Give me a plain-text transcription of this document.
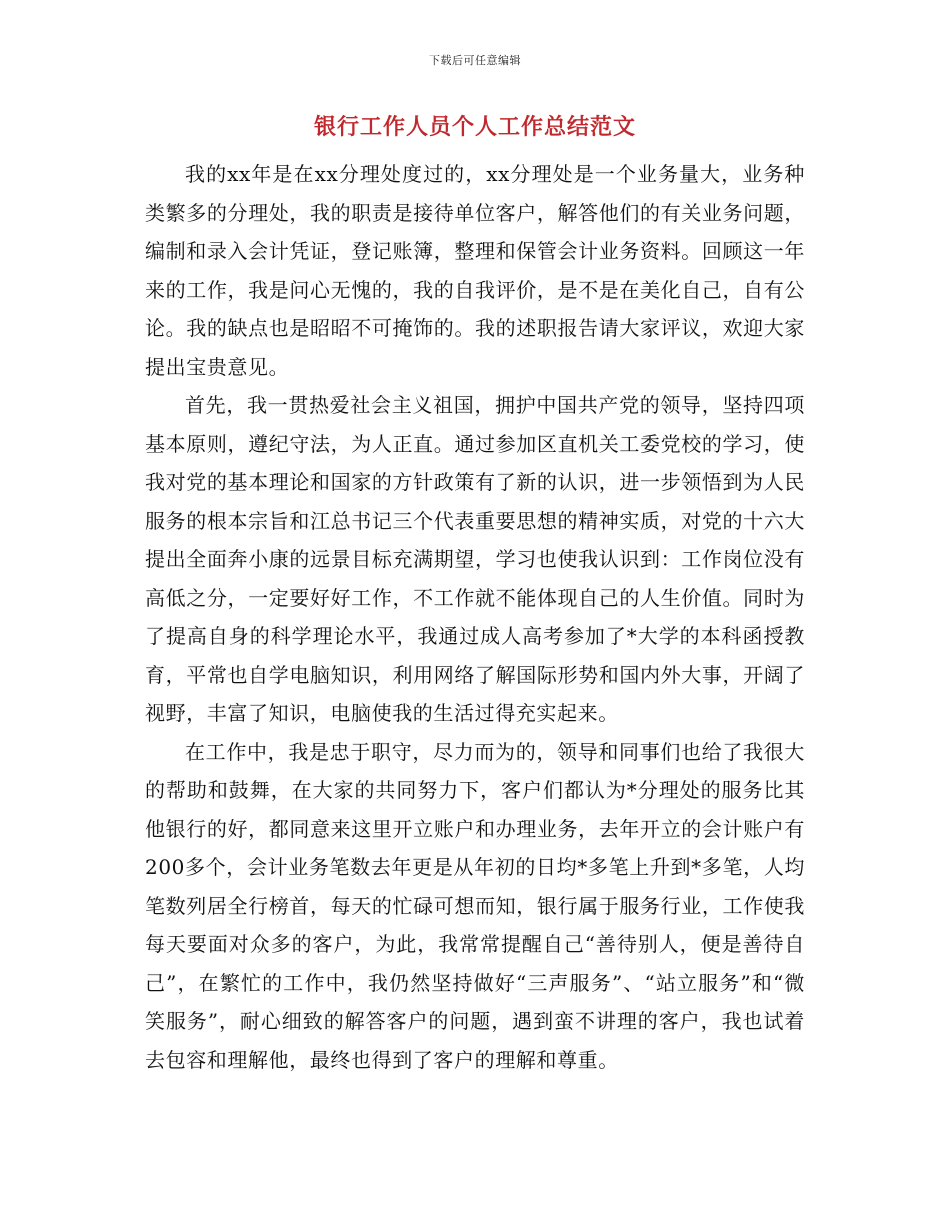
下载后可任意编辑
银行工作人员个人工作总结范文

我的xx年是在xx分理处度过的，xx分理处是一个业务量大，业务种类繁多的分理处，我的职责是接待单位客户，解答他们的有关业务问题，编制和录入会计凭证，登记账簿，整理和保管会计业务资料。回顾这一年来的工作，我是问心无愧的，我的自我评价，是不是在美化自己，自有公论。我的缺点也是昭昭不可掩饰的。我的述职报告请大家评议，欢迎大家提出宝贵意见。

首先，我一贯热爱社会主义祖国，拥护中国共产党的领导，坚持四项基本原则，遵纪守法，为人正直。通过参加区直机关工委党校的学习，使我对党的基本理论和国家的方针政策有了新的认识，进一步领悟到为人民服务的根本宗旨和江总书记三个代表重要思想的精神实质，对党的十六大提出全面奔小康的远景目标充满期望，学习也使我认识到：工作岗位没有高低之分，一定要好好工作，不工作就不能体现自己的人生价值。同时为了提高自身的科学理论水平，我通过成人高考参加了*大学的本科函授教育，平常也自学电脑知识，利用网络了解国际形势和国内外大事，开阔了视野，丰富了知识，电脑使我的生活过得充实起来。

在工作中，我是忠于职守，尽力而为的，领导和同事们也给了我很大的帮助和鼓舞，在大家的共同努力下，客户们都认为*分理处的服务比其他银行的好，都同意来这里开立账户和办理业务，去年开立的会计账户有200多个，会计业务笔数去年更是从年初的日均*多笔上升到*多笔，人均笔数列居全行榜首，每天的忙碌可想而知，银行属于服务行业，工作使我每天要面对众多的客户，为此，我常常提醒自己“善待别人，便是善待自己”，在繁忙的工作中，我仍然坚持做好“三声服务”、“站立服务”和“微笑服务”，耐心细致的解答客户的问题，遇到蛮不讲理的客户，我也试着去包容和理解他，最终也得到了客户的理解和尊重。
